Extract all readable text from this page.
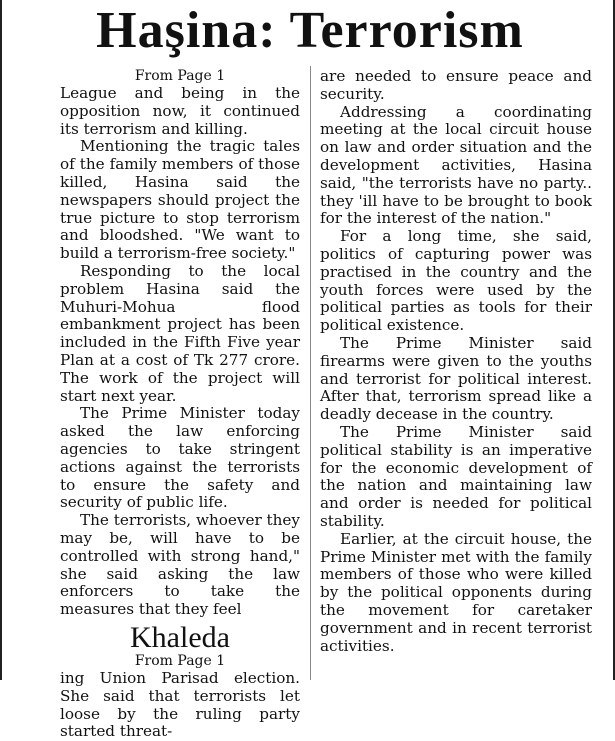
Haşina: Terrorism

From Page 1

League and being in the opposition now, it continued its terrorism and killing.

Mentioning the tragic tales of the family members of those killed, Hasina said the newspapers should project the true picture to stop terrorism and bloodshed. "We want to build a terrorism-free society."

Responding to the local problem Hasina said the Muhuri-Mohua flood embankment project has been included in the Fifth Five year Plan at a cost of Tk 277 crore. The work of the project will start next year.

The Prime Minister today asked the law enforcing agencies to take stringent actions against the terrorists to ensure the safety and security of public life.

The terrorists, whoever they may be, will have to be controlled with strong hand," she said asking the law enforcers to take the measures that they feel

Khaleda

From Page 1

ing Union Parisad election. She said that terrorists let loose by the ruling party started threat-

are needed to ensure peace and security.

Addressing a coordinating meeting at the local circuit house on law and order situation and the development activities, Hasina said, "the terrorists have no party.. they 'ill have to be brought to book for the interest of the nation."

For a long time, she said, politics of capturing power was practised in the country and the youth forces were used by the political parties as tools for their political existence.

The Prime Minister said firearms were given to the youths and terrorist for political interest. After that, terrorism spread like a deadly decease in the country.

The Prime Minister said political stability is an imperative for the economic development of the nation and maintaining law and order is needed for political stability.

Earlier, at the circuit house, the Prime Minister met with the family members of those who were killed by the political opponents during the movement for caretaker government and in recent terrorist activities.
